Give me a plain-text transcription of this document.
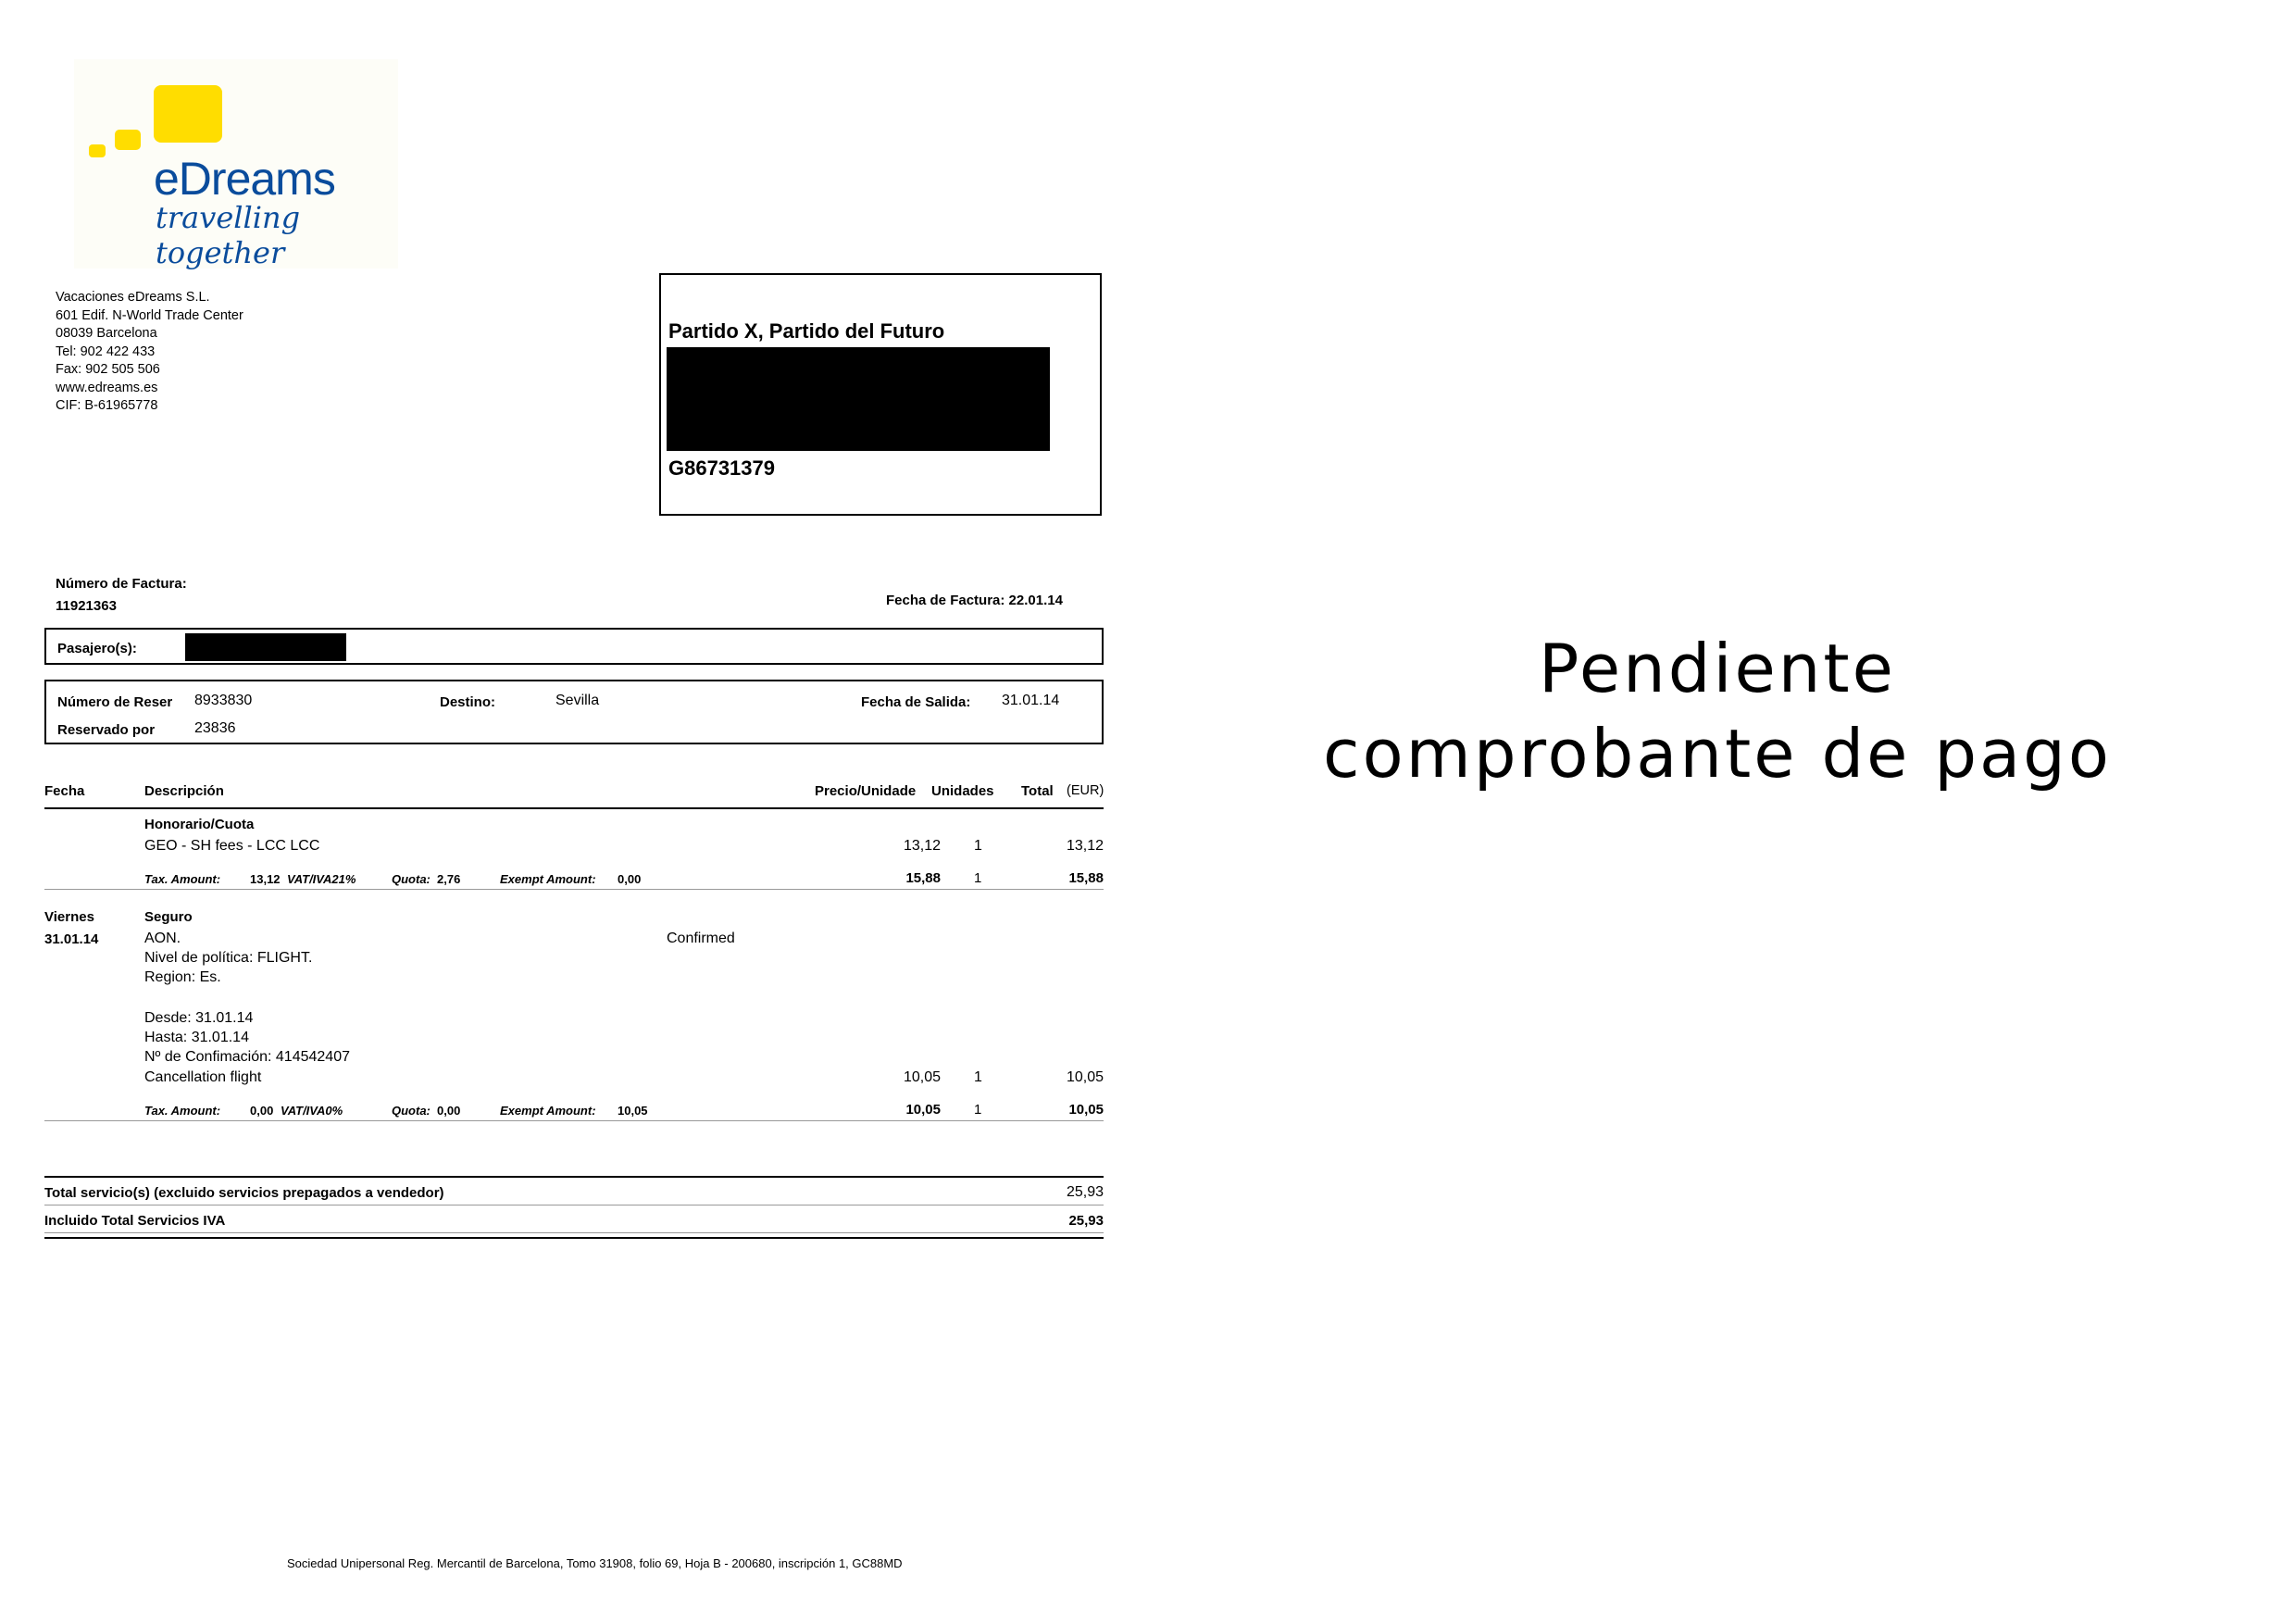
eDreams
travelling together
Vacaciones eDreams S.L.
601 Edif. N-World Trade Center
08039 Barcelona
Tel: 902 422 433
Fax: 902 505 506
www.edreams.es
CIF: B-61965778
Partido X, Partido del Futuro
G86731379
Número de Factura:
11921363	Fecha de Factura: 22.01.14
Pasajero(s):
Número de Reser	8933830	Destino:	Sevilla	Fecha de Salida: 31.01.14
Reservado por	23836
Fecha	Descripción	Precio/Unidade Unidades Total (EUR)
Honorario/Cuota
GEO - SH fees - LCC LCC	13,12 1	13,12
Tax. Amount: 13,12 VAT/IVA21%	Quota: 2,76	Exempt Amount: 0,00	15,88 1	15,88
Viernes
31.01.14
Seguro
AON.	Confirmed
Nivel de política: FLIGHT.
Region: Es.
Desde: 31.01.14
Hasta: 31.01.14
Nº de Confimación: 414542407
Cancellation flight	10,05 1	10,05
Tax. Amount: 0,00 VAT/IVA0%	Quota: 0,00	Exempt Amount: 10,05	10,05 1	10,05
Total servicio(s) (excluido servicios prepagados a vendedor)	25,93
Incluido Total Servicios IVA	25,93
Pendiente
comprobante de pago
Sociedad Unipersonal Reg. Mercantil de Barcelona, Tomo 31908, folio 69, Hoja B - 200680, inscripción 1, GC88MD
